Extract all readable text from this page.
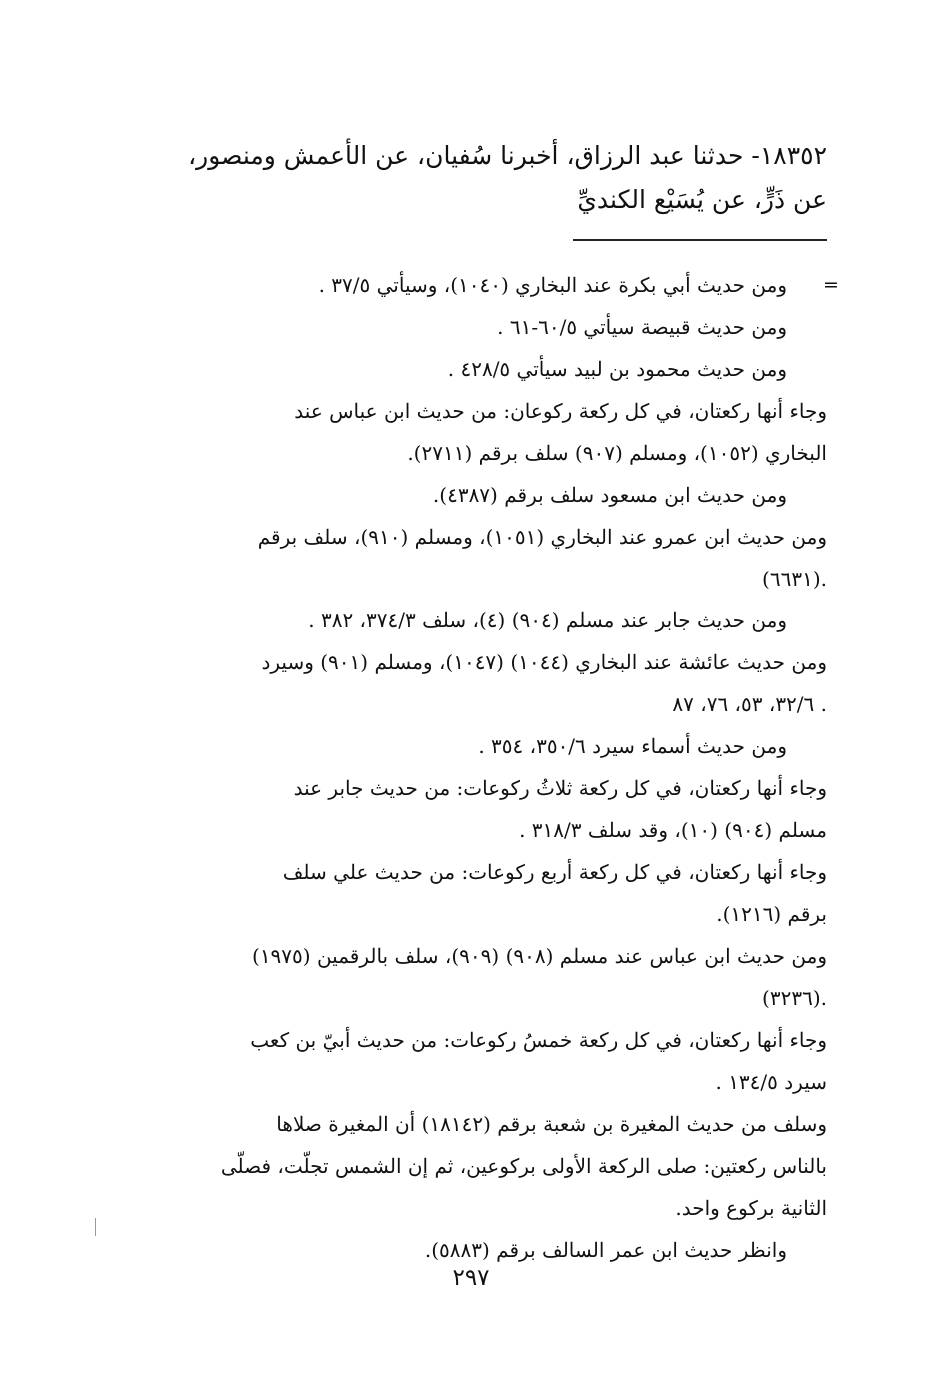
١٨٣٥٢- حدثنا عبد الرزاق، أخبرنا سُفيان، عن الأعمش ومنصور،
عن ذَرٍّ، عن يُسَيْع الكنديِّ
=
ومن حديث أبي بكرة عند البخاري (١٠٤٠)، وسيأتي ٣٧/٥ .
ومن حديث قبيصة سيأتي ٦٠/٥-٦١ .
ومن حديث محمود بن لبيد سيأتي ٤٢٨/٥ .
وجاء أنها ركعتان، في كل ركعة ركوعان: من حديث ابن عباس عند
البخاري (١٠٥٢)، ومسلم (٩٠٧) سلف برقم (٢٧١١).
ومن حديث ابن مسعود سلف برقم (٤٣٨٧).
ومن حديث ابن عمرو عند البخاري (١٠٥١)، ومسلم (٩١٠)، سلف برقم
(٦٦٣١).
ومن حديث جابر عند مسلم (٩٠٤) (٤)، سلف ٣٧٤/٣، ٣٨٢ .
ومن حديث عائشة عند البخاري (١٠٤٤) (١٠٤٧)، ومسلم (٩٠١) وسيرد
٣٢/٦، ٥٣، ٧٦، ٨٧ .
ومن حديث أسماء سيرد ٣٥٠/٦، ٣٥٤ .
وجاء أنها ركعتان، في كل ركعة ثلاثُ ركوعات: من حديث جابر عند
مسلم (٩٠٤) (١٠)، وقد سلف ٣١٨/٣ .
وجاء أنها ركعتان، في كل ركعة أربع ركوعات: من حديث علي سلف
برقم (١٢١٦).
ومن حديث ابن عباس عند مسلم (٩٠٨) (٩٠٩)، سلف بالرقمين (١٩٧٥)
(٣٢٣٦).
وجاء أنها ركعتان، في كل ركعة خمسُ ركوعات: من حديث أبيّ بن كعب
سيرد ١٣٤/٥ .
وسلف من حديث المغيرة بن شعبة برقم (١٨١٤٢) أن المغيرة صلاها
بالناس ركعتين: صلى الركعة الأولى بركوعين، ثم إن الشمس تجلّت، فصلّى
الثانية بركوع واحد.
وانظر حديث ابن عمر السالف برقم (٥٨٨٣).
٢٩٧
